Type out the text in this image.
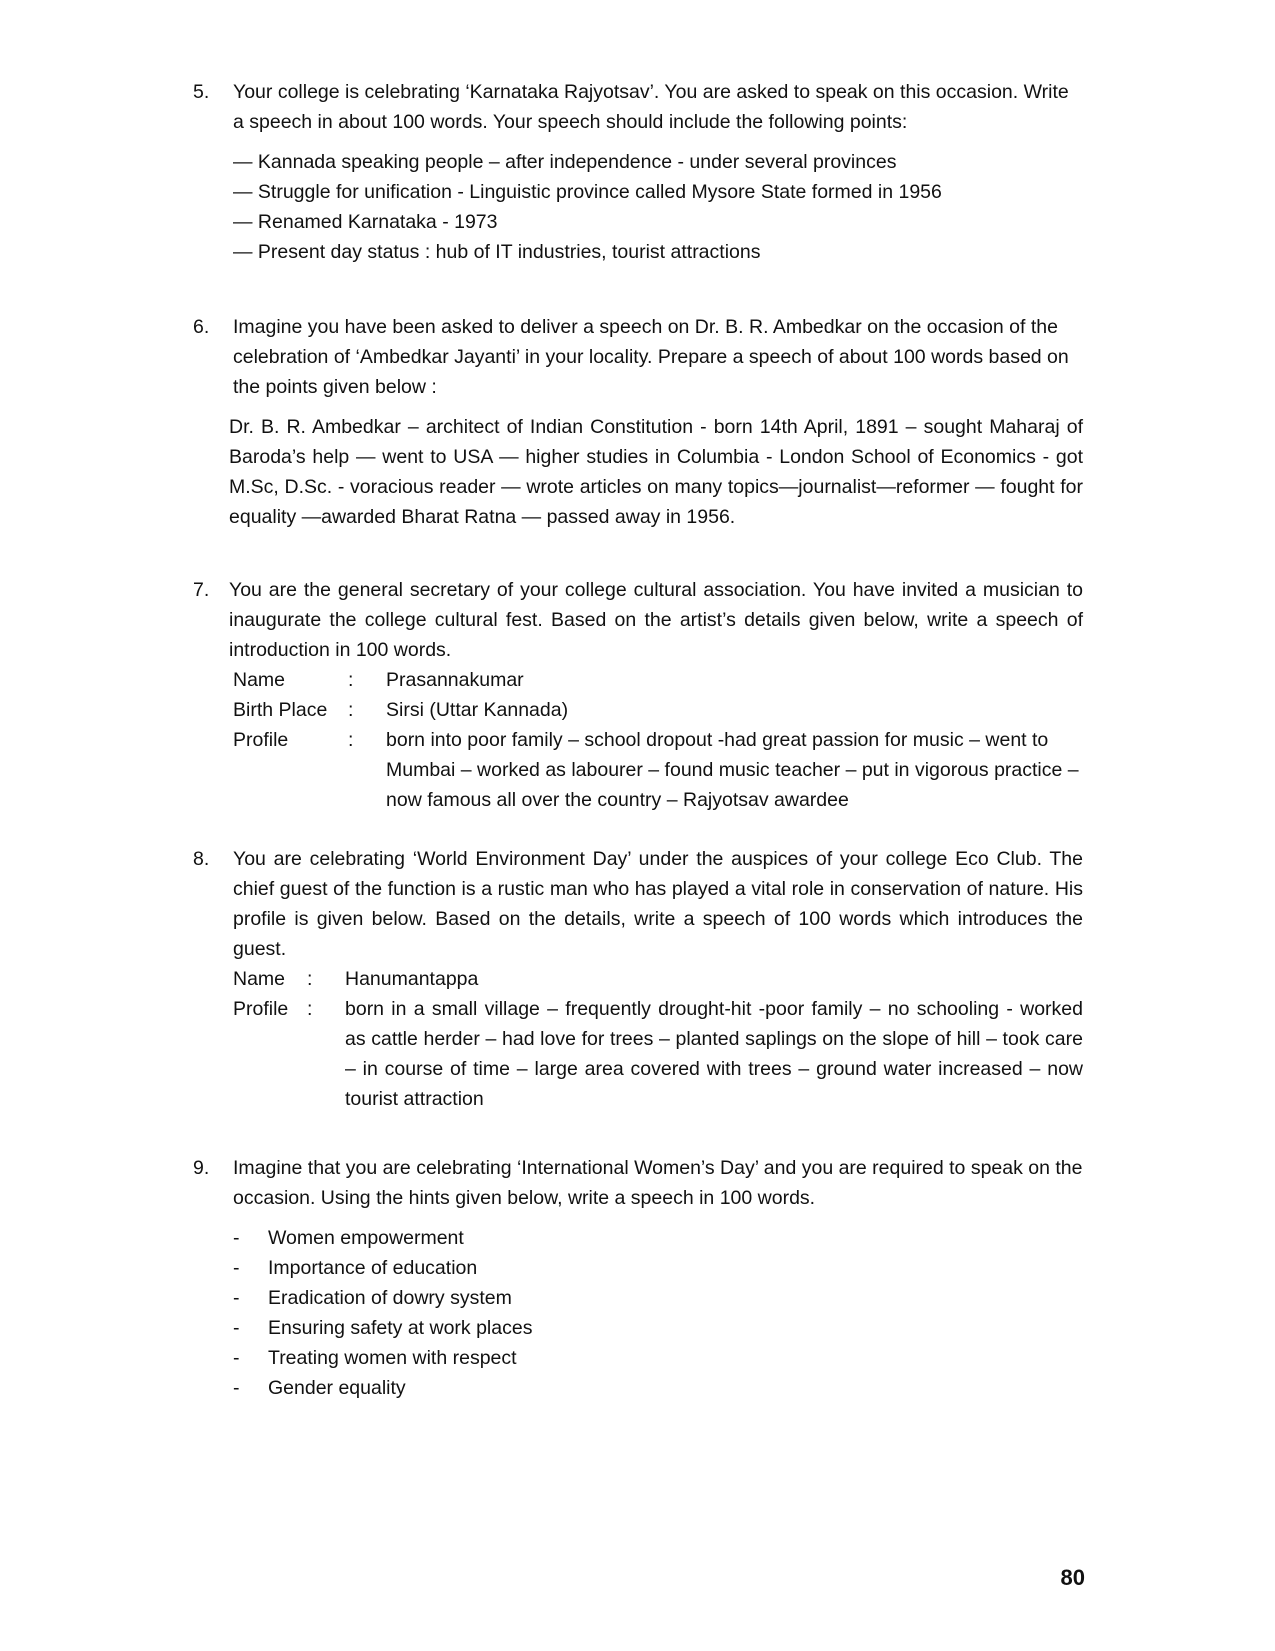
5.	Your college is celebrating ‘Karnataka Rajyotsav’. You are asked to speak on this occasion. Write a speech in about 100 words. Your speech should include the following points:

— Kannada speaking people – after independence - under several provinces
— Struggle for unification - Linguistic province called Mysore State formed in 1956
— Renamed Karnataka - 1973
— Present day status : hub of IT industries, tourist attractions
6.	Imagine you have been asked to deliver a speech on Dr. B. R. Ambedkar on the occasion of the celebration of ‘Ambedkar Jayanti’ in your locality. Prepare a speech of about 100 words based on the points given below :

Dr. B. R. Ambedkar – architect of Indian Constitution - born 14th April, 1891 – sought Maharaj of Baroda’s help — went to USA — higher studies in Columbia - London School of Economics - got M.Sc, D.Sc. - voracious reader — wrote articles on many topics—journalist—reformer — fought for equality —awarded Bharat Ratna — passed away in 1956.

7.	You are the general secretary of your college cultural association. You have invited a musician to inaugurate the college cultural fest. Based on the artist’s details given below, write a speech of introduction in 100 words.

Name	:	Prasannakumar
Birth Place	:	Sirsi (Uttar Kannada)
Profile	:	born into poor family – school dropout -had great passion for music – went to Mumbai – worked as labourer – found music teacher – put in vigorous practice – now famous all over the country – Rajyotsav awardee
8.	You are celebrating ‘World Environment Day’ under the auspices of your college Eco Club. The chief guest of the function is a rustic man who has played a vital role in conservation of nature. His profile is given below. Based on the details, write a speech of 100 words which introduces the guest.

Name	:	Hanumantappa
Profile :	born in a small village – frequently drought-hit -poor family – no schooling - worked as cattle herder – had love for trees – planted saplings on the slope of hill – took care – in course of time – large area covered with trees – ground water increased – now tourist attraction
9.	Imagine that you are celebrating ‘International Women’s Day’ and you are required to speak on the occasion. Using the hints given below, write a speech in 100 words.

-	Women empowerment
-	Importance of education
-	Eradication of dowry system
-	Ensuring safety at work places
-	Treating women with respect
-	Gender equality
80
